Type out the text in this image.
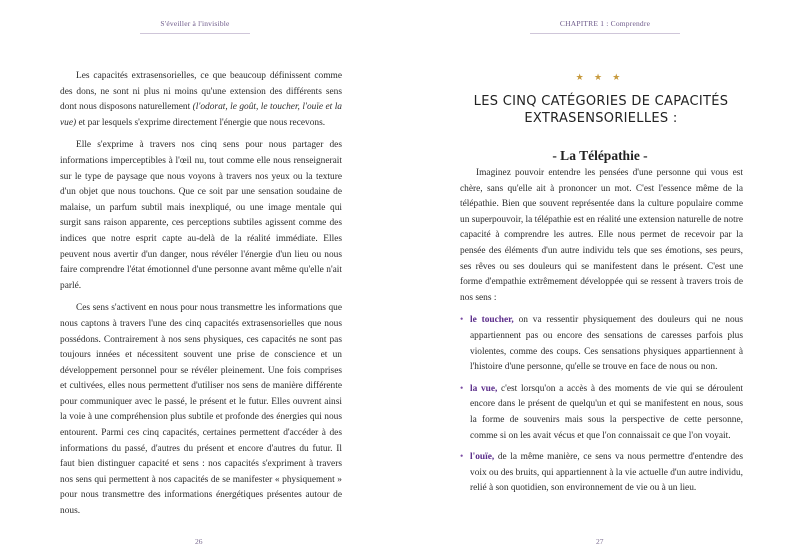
S'éveiller à l'invisible

Les capacités extrasensorielles, ce que beaucoup définissent comme des dons, ne sont ni plus ni moins qu'une extension des différents sens dont nous disposons naturellement (l'odorat, le goût, le toucher, l'ouïe et la vue) et par lesquels s'exprime directement l'énergie que nous recevons.

Elle s'exprime à travers nos cinq sens pour nous partager des informations imperceptibles à l'œil nu, tout comme elle nous renseignerait sur le type de paysage que nous voyons à travers nos yeux ou la texture d'un objet que nous touchons. Que ce soit par une sensation soudaine de malaise, un parfum subtil mais inexpliqué, ou une image mentale qui surgit sans raison apparente, ces perceptions subtiles agissent comme des indices que notre esprit capte au-delà de la réalité immédiate. Elles peuvent nous avertir d'un danger, nous révéler l'énergie d'un lieu ou nous faire comprendre l'état émotionnel d'une personne avant même qu'elle n'ait parlé.

Ces sens s'activent en nous pour nous transmettre les informations que nous captons à travers l'une des cinq capacités extrasensorielles que nous possédons. Contrairement à nos sens physiques, ces capacités ne sont pas toujours innées et nécessitent souvent une prise de conscience et un développement personnel pour se révéler pleinement. Une fois comprises et cultivées, elles nous permettent d'utiliser nos sens de manière différente pour communiquer avec le passé, le présent et le futur. Elles ouvrent ainsi la voie à une compréhension plus subtile et profonde des énergies qui nous entourent. Parmi ces cinq capacités, certaines permettent d'accéder à des informations du passé, d'autres du présent et encore d'autres du futur. Il faut bien distinguer capacité et sens : nos capacités s'expriment à travers nos sens qui permettent à nos capacités de se manifester « physiquement » pour nous transmettre des informations énergétiques présentes autour de nous.

26
CHAPITRE 1 : Comprendre
★ ★ ★
LES CINQ CATÉGORIES DE CAPACITÉS EXTRASENSORIELLES :
- La Télépathie -

Imaginez pouvoir entendre les pensées d'une personne qui vous est chère, sans qu'elle ait à prononcer un mot. C'est l'essence même de la télépathie. Bien que souvent représentée dans la culture populaire comme un superpouvoir, la télépathie est en réalité une extension naturelle de notre capacité à comprendre les autres. Elle nous permet de recevoir par la pensée des éléments d'un autre individu tels que ses émotions, ses peurs, ses rêves ou ses douleurs qui se manifestent dans le présent. C'est une forme d'empathie extrêmement développée qui se ressent à travers trois de nos sens :

• le toucher, on va ressentir physiquement des douleurs qui ne nous appartiennent pas ou encore des sensations de caresses parfois plus violentes, comme des coups. Ces sensations physiques appartiennent à l'histoire d'une personne, qu'elle se trouve en face de nous ou non.
• la vue, c'est lorsqu'on a accès à des moments de vie qui se déroulent encore dans le présent de quelqu'un et qui se manifestent en nous, sous la forme de souvenirs mais sous la perspective de cette personne, comme si on les avait vécus et que l'on connaissait ce que l'on voyait.
• l'ouïe, de la même manière, ce sens va nous permettre d'entendre des voix ou des bruits, qui appartiennent à la vie actuelle d'un autre individu, relié à son quotidien, son environnement de vie ou à un lieu.
27
